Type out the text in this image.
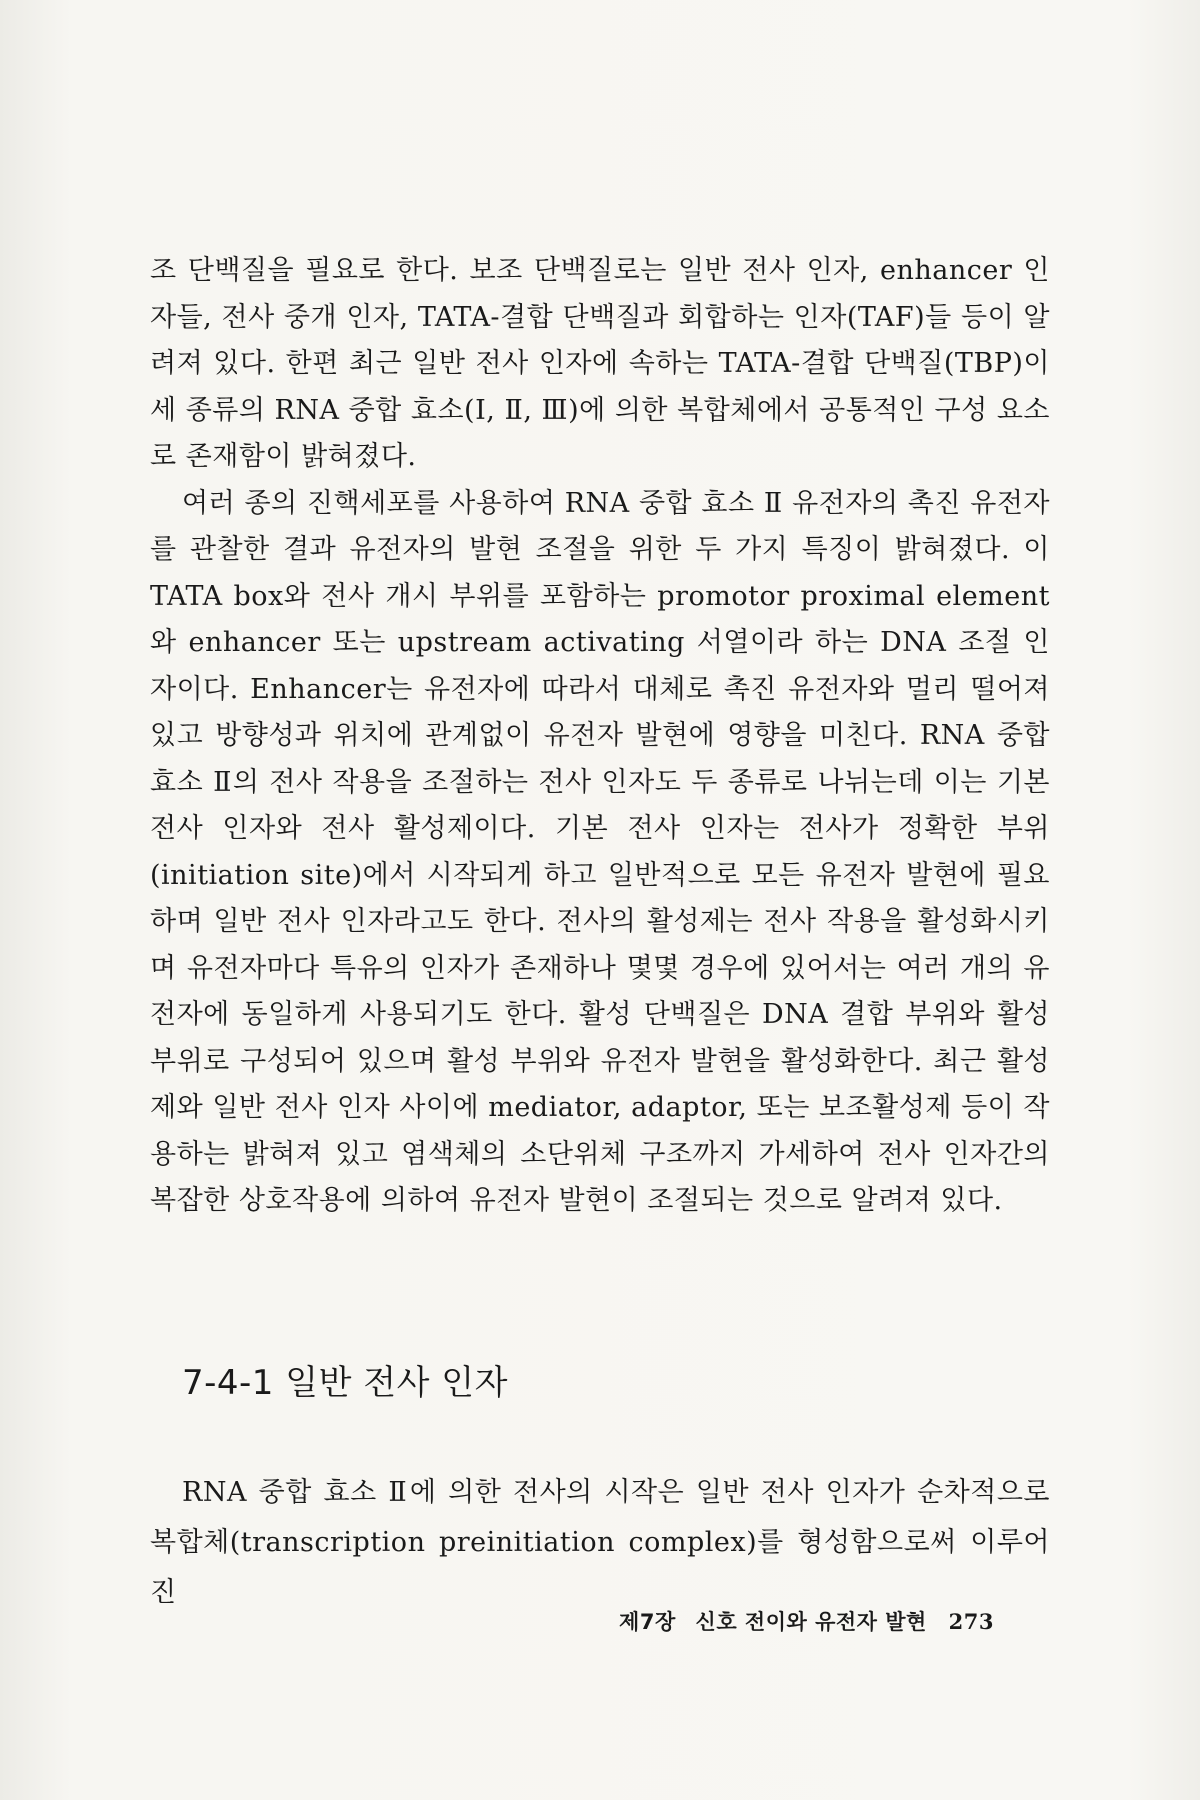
조 단백질을 필요로 한다. 보조 단백질로는 일반 전사 인자, enhancer 인자들, 전사 중개 인자, TATA-결합 단백질과 회합하는 인자(TAF)들 등이 알려져 있다. 한편 최근 일반 전사 인자에 속하는 TATA-결합 단백질(TBP)이 세 종류의 RNA 중합 효소(Ⅰ, Ⅱ, Ⅲ)에 의한 복합체에서 공통적인 구성 요소로 존재함이 밝혀졌다.

여러 종의 진핵세포를 사용하여 RNA 중합 효소 Ⅱ 유전자의 촉진 유전자를 관찰한 결과 유전자의 발현 조절을 위한 두 가지 특징이 밝혀졌다. 이 TATA box와 전사 개시 부위를 포함하는 promotor proximal element와 enhancer 또는 upstream activating 서열이라 하는 DNA 조절 인자이다. Enhancer는 유전자에 따라서 대체로 촉진 유전자와 멀리 떨어져 있고 방향성과 위치에 관계없이 유전자 발현에 영향을 미친다. RNA 중합 효소 Ⅱ의 전사 작용을 조절하는 전사 인자도 두 종류로 나뉘는데 이는 기본 전사 인자와 전사 활성제이다. 기본 전사 인자는 전사가 정확한 부위(initiation site)에서 시작되게 하고 일반적으로 모든 유전자 발현에 필요하며 일반 전사 인자라고도 한다. 전사의 활성제는 전사 작용을 활성화시키며 유전자마다 특유의 인자가 존재하나 몇몇 경우에 있어서는 여러 개의 유전자에 동일하게 사용되기도 한다. 활성 단백질은 DNA 결합 부위와 활성 부위로 구성되어 있으며 활성 부위와 유전자 발현을 활성화한다. 최근 활성제와 일반 전사 인자 사이에 mediator, adaptor, 또는 보조활성제 등이 작용하는 밝혀져 있고 염색체의 소단위체 구조까지 가세하여 전사 인자간의 복잡한 상호작용에 의하여 유전자 발현이 조절되는 것으로 알려져 있다.

7-4-1 일반 전사 인자

RNA 중합 효소 Ⅱ에 의한 전사의 시작은 일반 전사 인자가 순차적으로 복합체(transcription preinitiation complex)를 형성함으로써 이루어진

제7장 신호 전이와 유전자 발현 273
